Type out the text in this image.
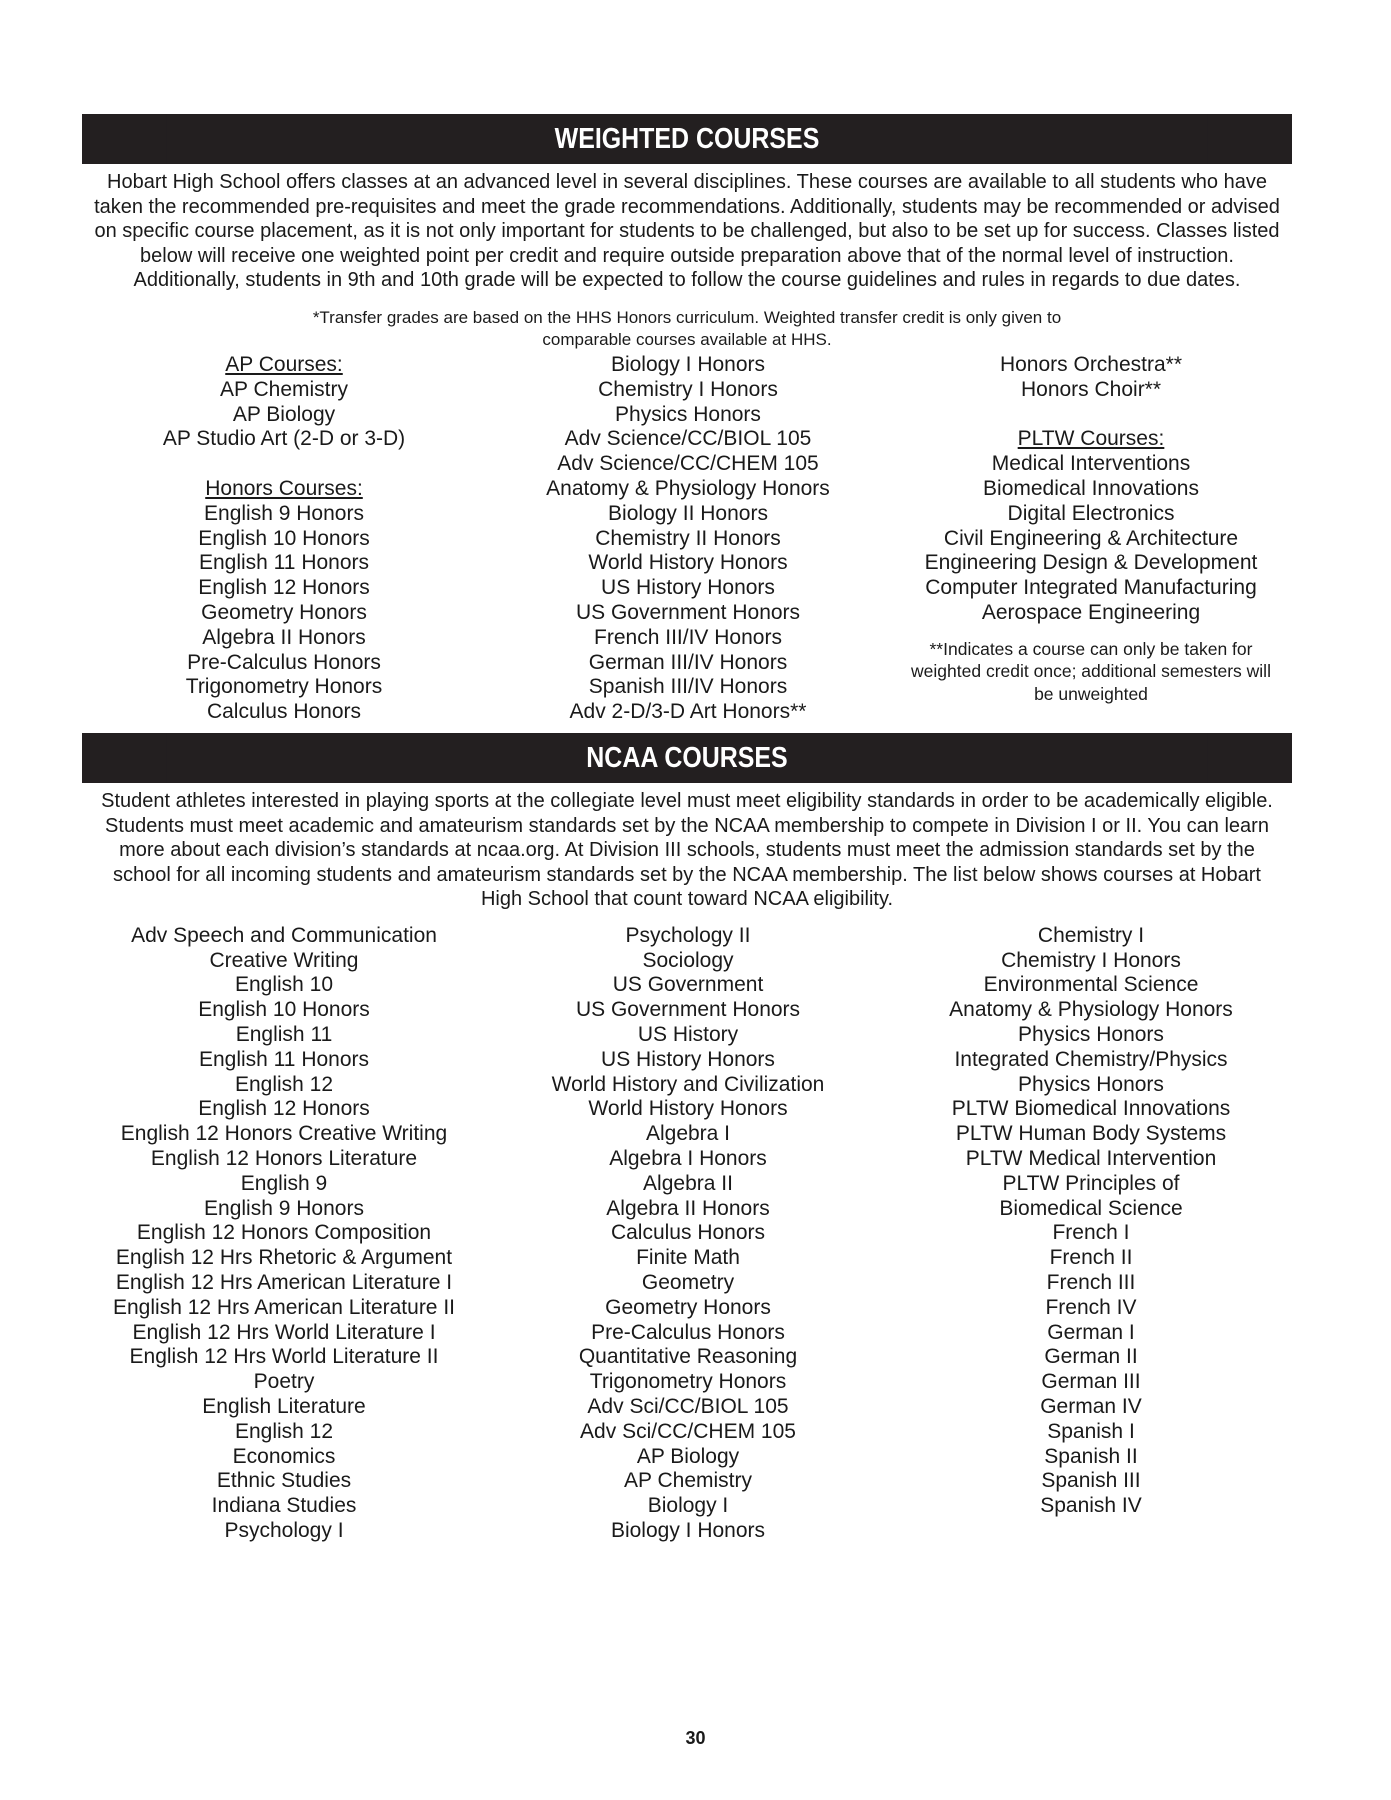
WEIGHTED COURSES
Hobart High School offers classes at an advanced level in several disciplines. These courses are available to all students who have taken the recommended pre-requisites and meet the grade recommendations. Additionally, students may be recommended or advised on specific course placement, as it is not only important for students to be challenged, but also to be set up for success. Classes listed below will receive one weighted point per credit and require outside preparation above that of the normal level of instruction. Additionally, students in 9th and 10th grade will be expected to follow the course guidelines and rules in regards to due dates.
*Transfer grades are based on the HHS Honors curriculum. Weighted transfer credit is only given to comparable courses available at HHS.
AP Courses:
AP Chemistry
AP Biology
AP Studio Art (2-D or 3-D)
Honors Courses:
English 9 Honors
English 10 Honors
English 11 Honors
English 12 Honors
Geometry Honors
Algebra II Honors
Pre-Calculus Honors
Trigonometry Honors
Calculus Honors
Biology I Honors
Chemistry I Honors
Physics Honors
Adv Science/CC/BIOL 105
Adv Science/CC/CHEM 105
Anatomy & Physiology Honors
Biology II Honors
Chemistry II Honors
World History Honors
US History Honors
US Government Honors
French III/IV Honors
German III/IV Honors
Spanish III/IV Honors
Adv 2-D/3-D Art Honors**
Honors Orchestra**
Honors Choir**
PLTW Courses:
Medical Interventions
Biomedical Innovations
Digital Electronics
Civil Engineering & Architecture
Engineering Design & Development
Computer Integrated Manufacturing
Aerospace Engineering
**Indicates a course can only be taken for weighted credit once; additional semesters will be unweighted
NCAA COURSES
Student athletes interested in playing sports at the collegiate level must meet eligibility standards in order to be academically eligible. Students must meet academic and amateurism standards set by the NCAA membership to compete in Division I or II. You can learn more about each division’s standards at ncaa.org. At Division III schools, students must meet the admission standards set by the school for all incoming students and amateurism standards set by the NCAA membership. The list below shows courses at Hobart High School that count toward NCAA eligibility.
Adv Speech and Communication
Creative Writing
English 10
English 10 Honors
English 11
English 11 Honors
English 12
English 12 Honors
English 12 Honors Creative Writing
English 12 Honors Literature
English 9
English 9 Honors
English 12 Honors Composition
English 12 Hrs Rhetoric & Argument
English 12 Hrs American Literature I
English 12 Hrs American Literature II
English 12 Hrs World Literature I
English 12 Hrs World Literature II
Poetry
English Literature
English 12
Economics
Ethnic Studies
Indiana Studies
Psychology I
Psychology II
Sociology
US Government
US Government Honors
US History
US History Honors
World History and Civilization
World History Honors
Algebra I
Algebra I Honors
Algebra II
Algebra II Honors
Calculus Honors
Finite Math
Geometry
Geometry Honors
Pre-Calculus Honors
Quantitative Reasoning
Trigonometry Honors
Adv Sci/CC/BIOL 105
Adv Sci/CC/CHEM 105
AP Biology
AP Chemistry
Biology I
Biology I Honors
Chemistry I
Chemistry I Honors
Environmental Science
Anatomy & Physiology Honors
Physics Honors
Integrated Chemistry/Physics
Physics Honors
PLTW Biomedical Innovations
PLTW Human Body Systems
PLTW Medical Intervention
PLTW Principles of
Biomedical Science
French I
French II
French III
French IV
German I
German II
German III
German IV
Spanish I
Spanish II
Spanish III
Spanish IV
30
